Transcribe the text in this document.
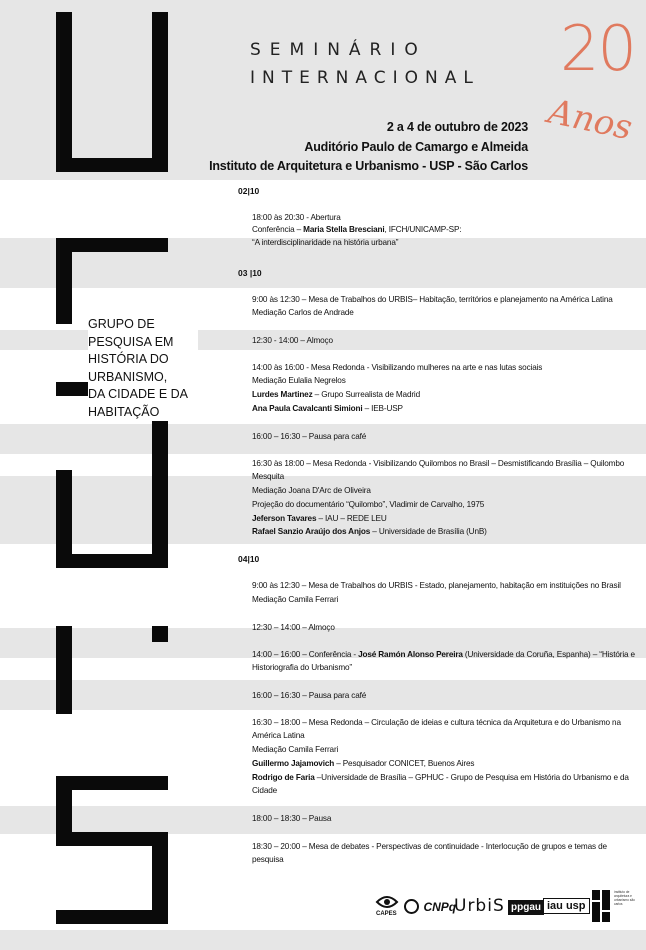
SEMINÁRIO
INTERNACIONAL 20
Anos
2 a 4 de outubro de 2023
Auditório Paulo de Camargo e Almeida
Instituto de Arquitetura e Urbanismo - USP - São Carlos
GRUPO DE
PESQUISA EM
HISTÓRIA DO
URBANISMO,
DA CIDADE E DA
HABITAÇÃO
02|10
18:00 às 20:30 - Abertura
Conferência – Maria Stella Bresciani, IFCH/UNICAMP-SP:
“A interdisciplinaridade na história urbana”
03 |10
9:00 às 12:30 – Mesa de Trabalhos do URBIS– Habitação, territórios e planejamento na América Latina
Mediação Carlos de Andrade
12:30 - 14:00 – Almoço
14:00 às 16:00 - Mesa Redonda - Visibilizando mulheres na arte e nas lutas sociais
Mediação Eulalia Negrelos
Lurdes Martinez – Grupo Surrealista de Madrid
Ana Paula Cavalcanti Simioni – IEB-USP
16:00 – 16:30 – Pausa para café
16:30 às 18:00 – Mesa Redonda - Visibilizando Quilombos no Brasil – Desmistificando Brasília – Quilombo
Mesquita
Mediação Joana D'Arc de Oliveira
Projeção do documentário “Quilombo”, Vladimir de Carvalho, 1975
Jeferson Tavares – IAU – REDE LEU
Rafael Sanzio Araújo dos Anjos – Universidade de Brasília (UnB)
04|10
9:00 às 12:30 – Mesa de Trabalhos do URBIS - Estado, planejamento, habitação em instituições no Brasil
Mediação Camila Ferrari
12:30 – 14:00 – Almoço
14:00 – 16:00 – Conferência - José Ramón Alonso Pereira (Universidade da Coruña, Espanha) – “História e
Historiografia do Urbanismo”
16:00 – 16:30 – Pausa para café
16:30 – 18:00 – Mesa Redonda – Circulação de ideias e cultura técnica da Arquitetura e do Urbanismo na
América Latina
Mediação Camila Ferrari
Guillermo Jajamovich – Pesquisador CONICET, Buenos Aires
Rodrigo de Faria –Universidade de Brasília – GPHUC - Grupo de Pesquisa em História do Urbanismo e da
Cidade
18:00 – 18:30 – Pausa
18:30 – 20:00 – Mesa de debates - Perspectivas de continuidade - Interlocução de grupos e temas de
pesquisa
CAPES
CNPq
UrbiS ppgau iau usp
instituto de arquitetura e urbanismo são carlos
